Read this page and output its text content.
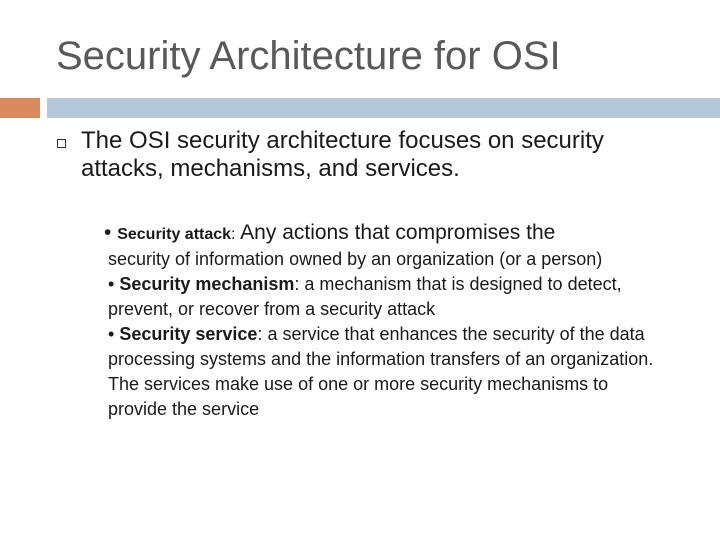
Security Architecture for OSI
The OSI security architecture focuses on security attacks, mechanisms, and services.
• Security attack: Any actions that compromises the
security of information owned by an organization (or a person)
• Security mechanism: a mechanism that is designed to detect, prevent, or recover from a security attack
• Security service: a service that enhances the security of the data processing systems and the information transfers of an organization. The services make use of one or more security mechanisms to provide the service
